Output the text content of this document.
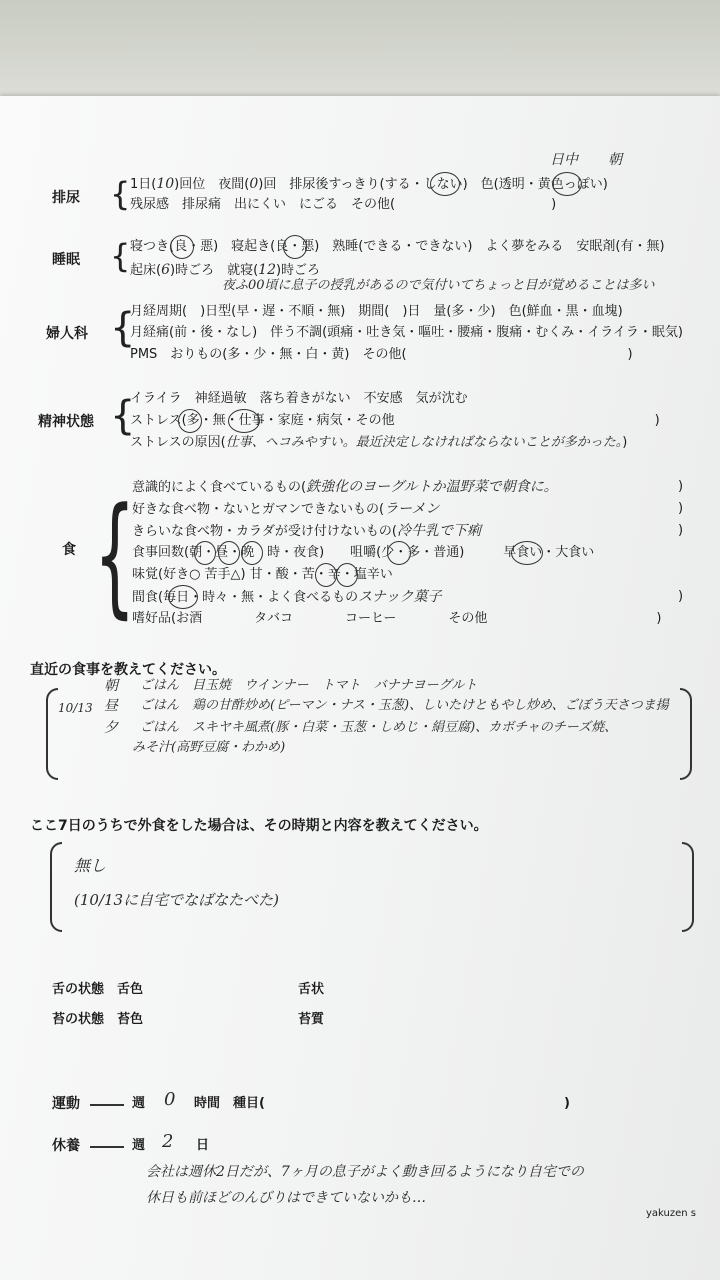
排尿 {
日中 朝
1日(10)回位　夜間(0)回　排尿後すっきり(する・しない)　色(透明・黄色っぽい)
残尿感　排尿痛　出にくい　にごる　その他(　　　　　　　　　　　　)
睡眠 { 寝つき(良・悪)　寝起き(良・悪)　熟睡(できる・できない)　よく夢をみる　安眠剤(有・無)
起床(6)時ごろ　就寝(12)時ごろ
夜ふ00頃に息子の授乳があるので気付いてちょっと目が覚めることは多い
婦人科 {
月経周期(　)日型(早・遅・不順・無)　期間(　)日　量(多・少)　色(鮮血・黒・血塊)
月経痛(前・後・なし)　伴う不調(頭痛・吐き気・嘔吐・腰痛・腹痛・むくみ・イライラ・眠気)
PMS　おりもの(多・少・無・白・黄)　その他(　　　　　　　　　　　　　　　　　)
精神状態 {
イライラ　神経過敏　落ち着きがない　不安感　気が沈む
ストレス(多・無・仕事・家庭・病気・その他　　　　　　　　　　　　　　　　　　　　)
ストレスの原因(仕事、ヘコみやすい。最近決定しなければならないことが多かった。)
食 {
意識的によく食べているもの(鉄強化のヨーグルトか温野菜で朝食に。	)
好きな食べ物・ないとガマンできないもの(ラーメン	)
きらいな食べ物・カラダが受け付けないもの(冷牛乳で下痢	)
食事回数(朝・昼・晩　時・夜食)　　咀嚼(少・多・普通)　　　早食い・大食い
味覚(好き○ 苦手△) 甘・酸・苦・辛・塩辛い
間食(毎日・時々・無・よく食べるものスナック菓子	)
嗜好品(お酒　　　　タバコ　　　　コーヒー　　　　その他　　　　　　　　　　　　　)
直近の食事を教えてください。
10/13
朝 ごはん　目玉焼　ウインナー　トマト　バナナヨーグルト
昼 ごはん　鶏の甘酢炒め(ピーマン・ナス・玉葱)、しいたけともやし炒め、ごぼう天さつま揚
夕 ごはん　スキヤキ風煮(豚・白菜・玉葱・しめじ・絹豆腐)、カボチャのチーズ焼、
みそ汁(高野豆腐・わかめ)
ここ7日のうちで外食をした場合は、その時期と内容を教えてください。
無し
(10/13に自宅でなばなたべた)
舌の状態　舌色	舌状
苔の状態　苔色	苔質
運動	週 0 時間　種目(　　　　　　　　　　　　　　　　　　　　　　　)
休養	週 2 日
会社は週休2日だが、7ヶ月の息子がよく動き回るようになり自宅での
休日も前ほどのんびりはできていないかも…
yakuzen s
